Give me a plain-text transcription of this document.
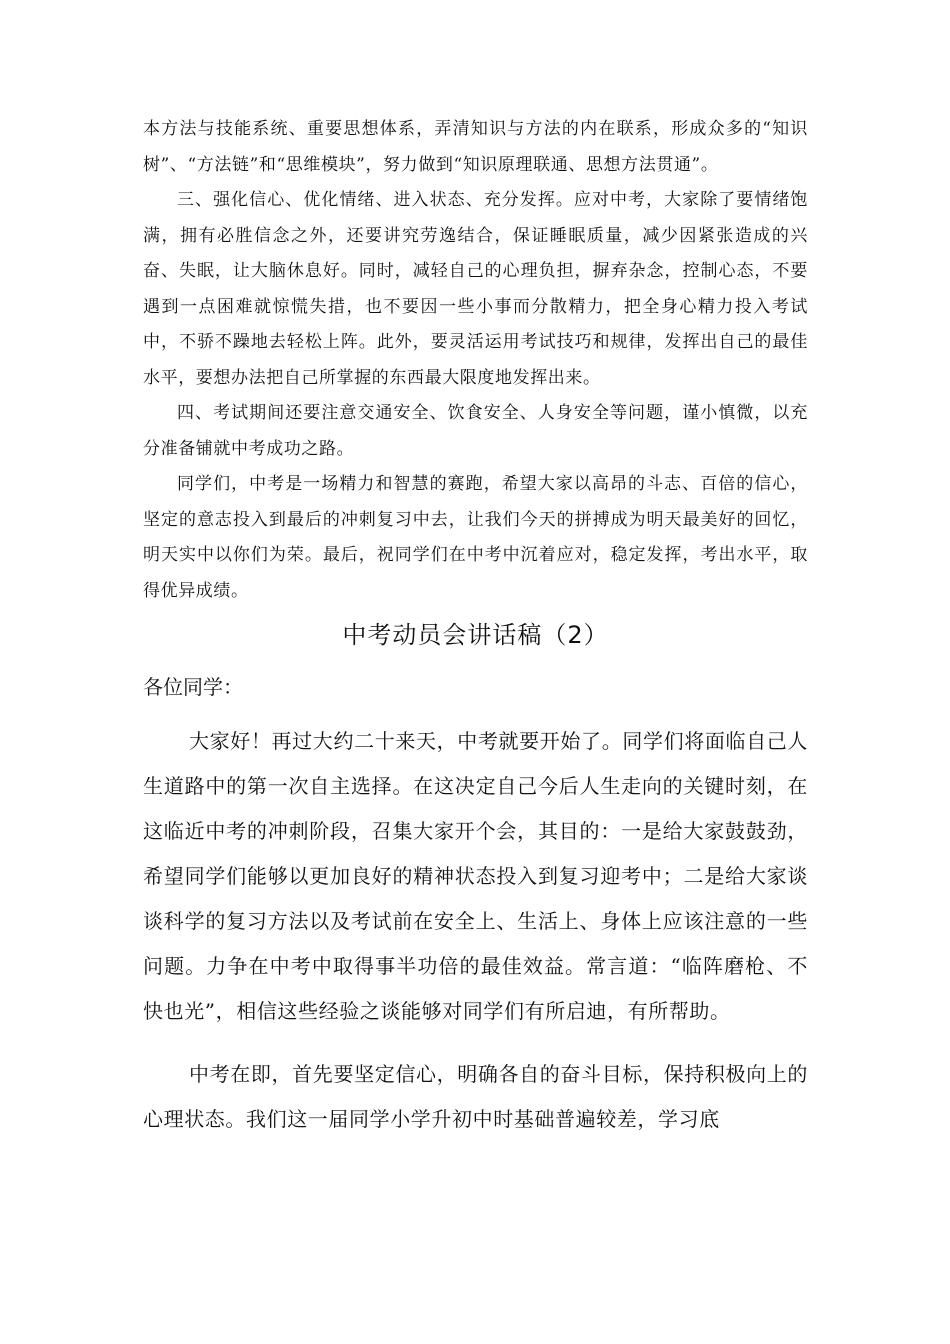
本方法与技能系统、重要思想体系，弄清知识与方法的内在联系，形成众多的“知识树”、“方法链”和“思维模块”，努力做到“知识原理联通、思想方法贯通”。

三、强化信心、优化情绪、进入状态、充分发挥。应对中考，大家除了要情绪饱满，拥有必胜信念之外，还要讲究劳逸结合，保证睡眠质量，减少因紧张造成的兴奋、失眠，让大脑休息好。同时，减轻自己的心理负担，摒弃杂念，控制心态，不要遇到一点困难就惊慌失措，也不要因一些小事而分散精力，把全身心精力投入考试中，不骄不躁地去轻松上阵。此外，要灵活运用考试技巧和规律，发挥出自己的最佳水平，要想办法把自己所掌握的东西最大限度地发挥出来。

四、考试期间还要注意交通安全、饮食安全、人身安全等问题，谨小慎微，以充分准备铺就中考成功之路。

同学们，中考是一场精力和智慧的赛跑，希望大家以高昂的斗志、百倍的信心，坚定的意志投入到最后的冲刺复习中去，让我们今天的拼搏成为明天最美好的回忆，明天实中以你们为荣。最后，祝同学们在中考中沉着应对，稳定发挥，考出水平，取得优异成绩。

中考动员会讲话稿（2）
各位同学：

大家好！再过大约二十来天，中考就要开始了。同学们将面临自己人生道路中的第一次自主选择。在这决定自己今后人生走向的关键时刻，在这临近中考的冲刺阶段，召集大家开个会，其目的：一是给大家鼓鼓劲，希望同学们能够以更加良好的精神状态投入到复习迎考中；二是给大家谈谈科学的复习方法以及考试前在安全上、生活上、身体上应该注意的一些问题。力争在中考中取得事半功倍的最佳效益。常言道：“临阵磨枪、不快也光”，相信这些经验之谈能够对同学们有所启迪，有所帮助。

中考在即，首先要坚定信心，明确各自的奋斗目标，保持积极向上的心理状态。我们这一届同学小学升初中时基础普遍较差，学习底
